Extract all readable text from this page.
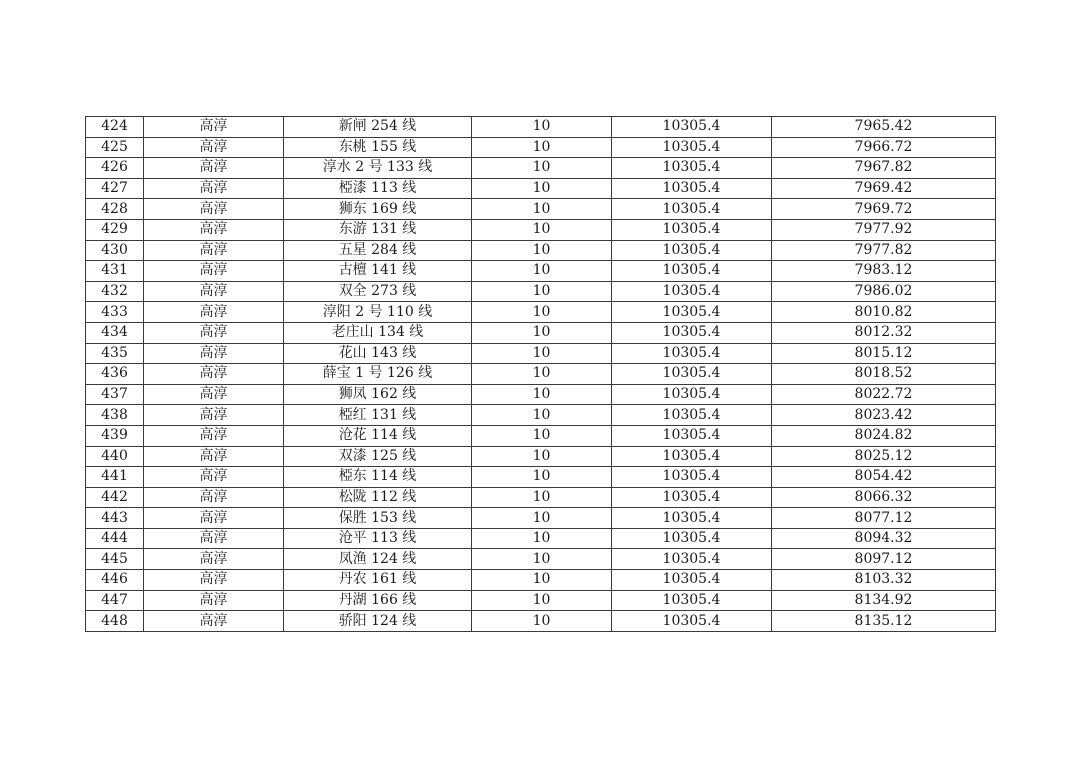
424	高淳	新闸 254 线	10	10305.4	7965.42
425	高淳	东桃 155 线	10	10305.4	7966.72
426	高淳	淳水 2 号 133 线	10	10305.4	7967.82
427	高淳	椏漆 113 线	10	10305.4	7969.42
428	高淳	狮东 169 线	10	10305.4	7969.72
429	高淳	东游 131 线	10	10305.4	7977.92
430	高淳	五星 284 线	10	10305.4	7977.82
431	高淳	古檀 141 线	10	10305.4	7983.12
432	高淳	双全 273 线	10	10305.4	7986.02
433	高淳	淳阳 2 号 110 线	10	10305.4	8010.82
434	高淳	老庄山 134 线	10	10305.4	8012.32
435	高淳	花山 143 线	10	10305.4	8015.12
436	高淳	薛宝 1 号 126 线	10	10305.4	8018.52
437	高淳	狮凤 162 线	10	10305.4	8022.72
438	高淳	椏红 131 线	10	10305.4	8023.42
439	高淳	沧花 114 线	10	10305.4	8024.82
440	高淳	双漆 125 线	10	10305.4	8025.12
441	高淳	椏东 114 线	10	10305.4	8054.42
442	高淳	松陇 112 线	10	10305.4	8066.32
443	高淳	保胜 153 线	10	10305.4	8077.12
444	高淳	沧平 113 线	10	10305.4	8094.32
445	高淳	凤渔 124 线	10	10305.4	8097.12
446	高淳	丹农 161 线	10	10305.4	8103.32
447	高淳	丹湖 166 线	10	10305.4	8134.92
448	高淳	骄阳 124 线	10	10305.4	8135.12
